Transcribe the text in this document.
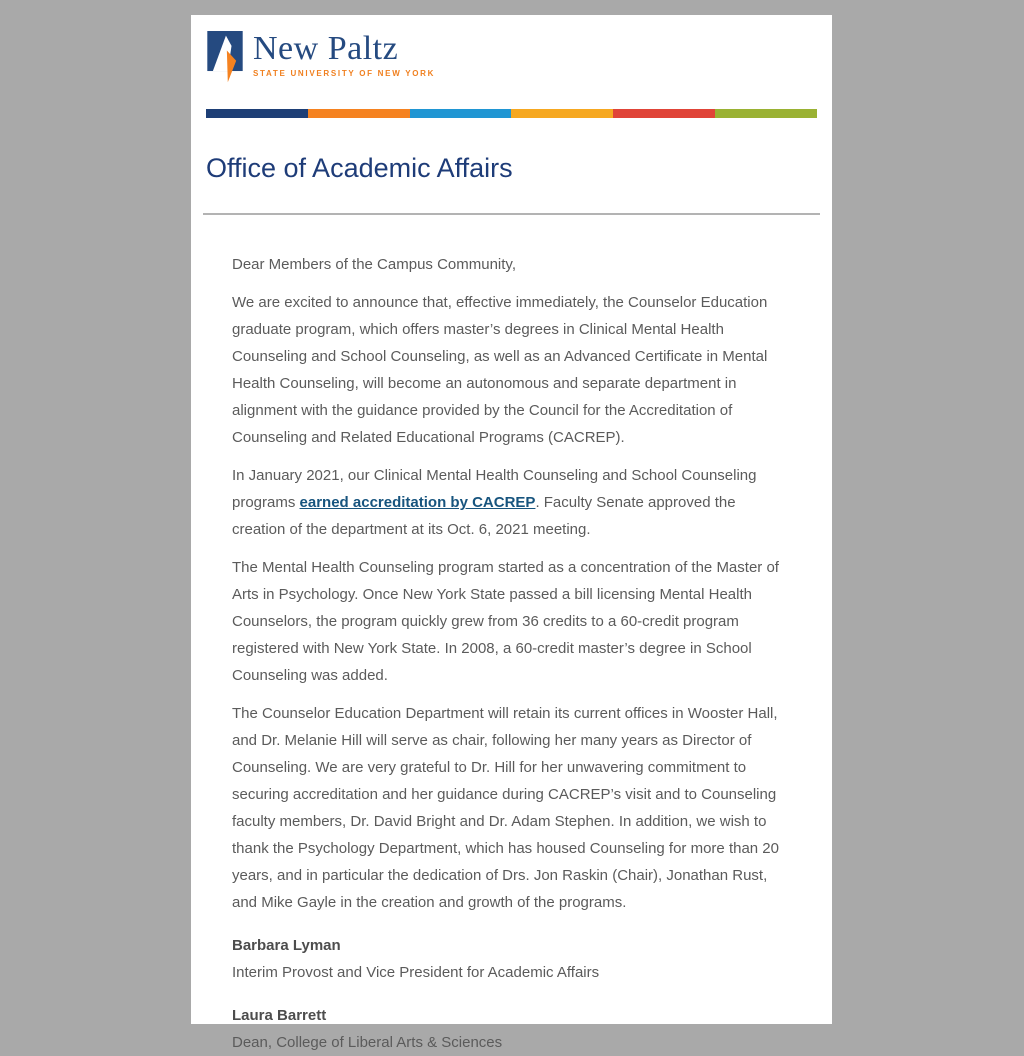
New Paltz
STATE UNIVERSITY OF NEW YORK
Office of Academic Affairs

Dear Members of the Campus Community,

We are excited to announce that, effective immediately, the Counselor Education graduate program, which offers master’s degrees in Clinical Mental Health Counseling and School Counseling, as well as an Advanced Certificate in Mental Health Counseling, will become an autonomous and separate department in alignment with the guidance provided by the Council for the Accreditation of Counseling and Related Educational Programs (CACREP).

In January 2021, our Clinical Mental Health Counseling and School Counseling programs earned accreditation by CACREP. Faculty Senate approved the creation of the department at its Oct. 6, 2021 meeting.

The Mental Health Counseling program started as a concentration of the Master of Arts in Psychology. Once New York State passed a bill licensing Mental Health Counselors, the program quickly grew from 36 credits to a 60-credit program registered with New York State. In 2008, a 60-credit master’s degree in School Counseling was added.

The Counselor Education Department will retain its current offices in Wooster Hall, and Dr. Melanie Hill will serve as chair, following her many years as Director of Counseling. We are very grateful to Dr. Hill for her unwavering commitment to securing accreditation and her guidance during CACREP’s visit and to Counseling faculty members, Dr. David Bright and Dr. Adam Stephen. In addition, we wish to thank the Psychology Department, which has housed Counseling for more than 20 years, and in particular the dedication of Drs. Jon Raskin (Chair), Jonathan Rust, and Mike Gayle in the creation and growth of the programs.

Barbara Lyman
Interim Provost and Vice President for Academic Affairs
Laura Barrett
Dean, College of Liberal Arts & Sciences
